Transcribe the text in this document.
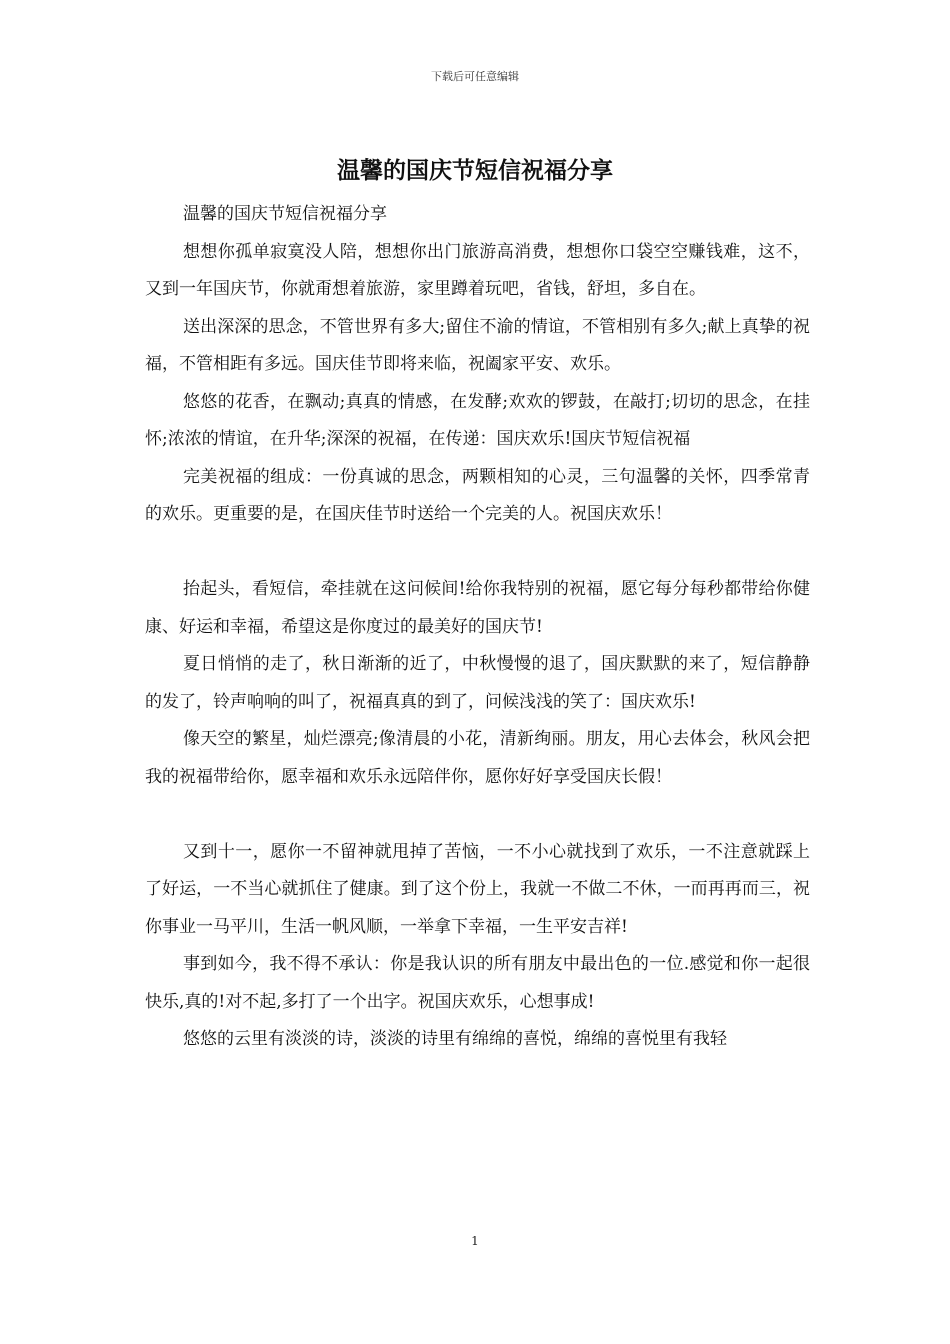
下载后可任意编辑
温馨的国庆节短信祝福分享

温馨的国庆节短信祝福分享

想想你孤单寂寞没人陪，想想你出门旅游高消费，想想你口袋空空赚钱难，这不，又到一年国庆节，你就甭想着旅游，家里蹲着玩吧，省钱，舒坦，多自在。

送出深深的思念，不管世界有多大;留住不渝的情谊，不管相别有多久;献上真挚的祝福，不管相距有多远。国庆佳节即将来临，祝阖家平安、欢乐。

悠悠的花香，在飘动;真真的情感，在发酵;欢欢的锣鼓，在敲打;切切的思念，在挂怀;浓浓的情谊，在升华;深深的祝福，在传递：国庆欢乐!国庆节短信祝福

完美祝福的组成：一份真诚的思念，两颗相知的心灵，三句温馨的关怀，四季常青的欢乐。更重要的是，在国庆佳节时送给一个完美的人。祝国庆欢乐！

抬起头，看短信，牵挂就在这问候间!给你我特别的祝福，愿它每分每秒都带给你健康、好运和幸福，希望这是你度过的最美好的国庆节!

夏日悄悄的走了，秋日渐渐的近了，中秋慢慢的退了，国庆默默的来了，短信静静的发了，铃声响响的叫了，祝福真真的到了，问候浅浅的笑了：国庆欢乐!

像天空的繁星，灿烂漂亮;像清晨的小花，清新绚丽。朋友，用心去体会，秋风会把我的祝福带给你，愿幸福和欢乐永远陪伴你，愿你好好享受国庆长假！

又到十一，愿你一不留神就甩掉了苦恼，一不小心就找到了欢乐，一不注意就踩上了好运，一不当心就抓住了健康。到了这个份上，我就一不做二不休，一而再再而三，祝你事业一马平川，生活一帆风顺，一举拿下幸福，一生平安吉祥!

事到如今，我不得不承认：你是我认识的所有朋友中最出色的一位.感觉和你一起很快乐,真的!对不起,多打了一个出字。祝国庆欢乐，心想事成!

悠悠的云里有淡淡的诗，淡淡的诗里有绵绵的喜悦，绵绵的喜悦里有我轻

1
